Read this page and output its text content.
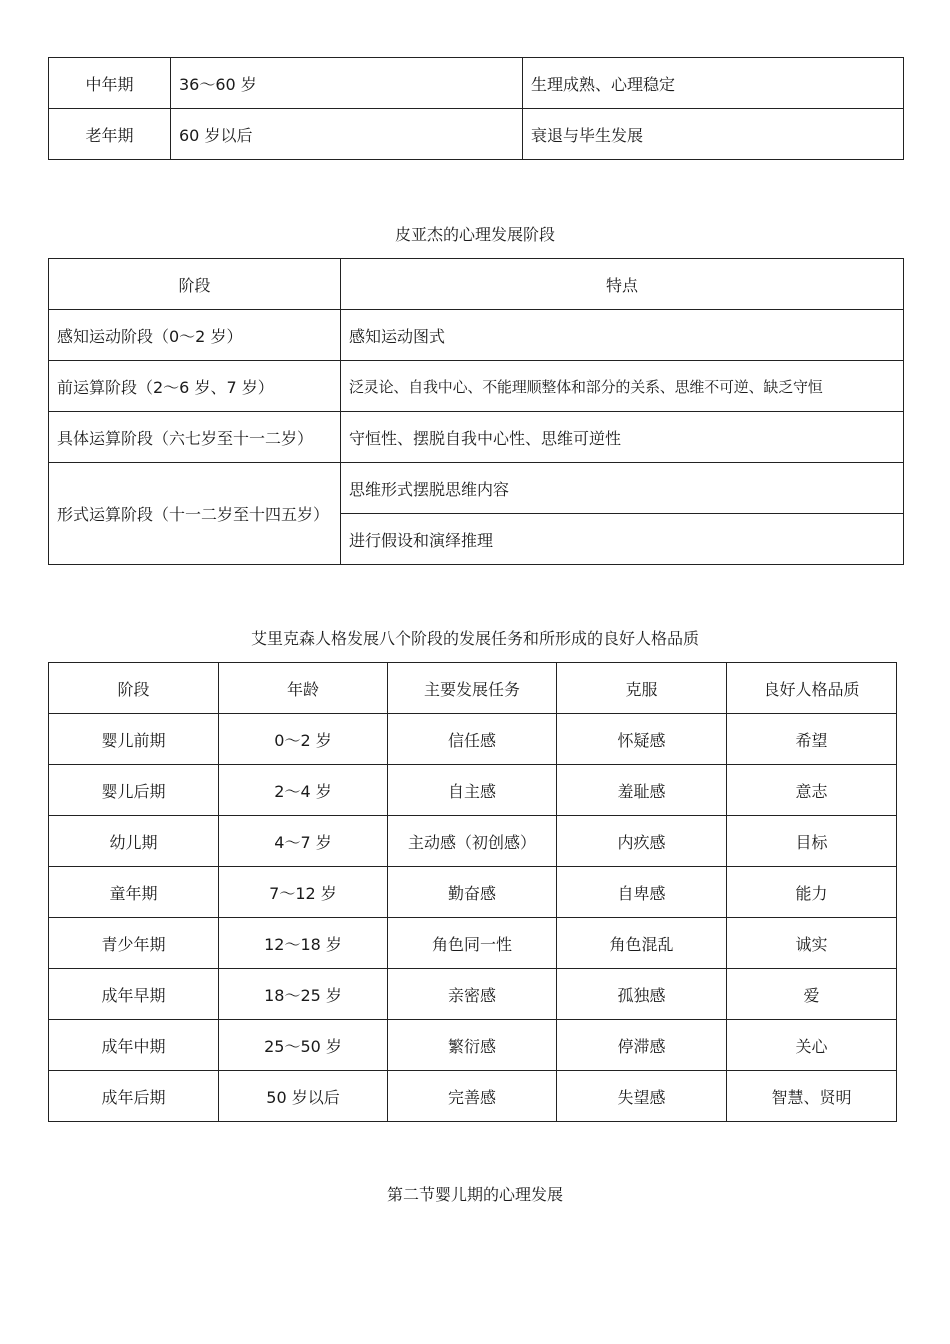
中年期	36～60 岁	生理成熟、心理稳定
老年期	60 岁以后	衰退与毕生发展
皮亚杰的心理发展阶段
阶段	特点
感知运动阶段（0～2 岁）	感知运动图式
前运算阶段（2～6 岁、7 岁）	泛灵论、自我中心、不能理顺整体和部分的关系、思维不可逆、缺乏守恒
具体运算阶段（六七岁至十一二岁）	守恒性、摆脱自我中心性、思维可逆性
形式运算阶段（十一二岁至十四五岁）	思维形式摆脱思维内容
	进行假设和演绎推理
艾里克森人格发展八个阶段的发展任务和所形成的良好人格品质
阶段	年龄	主要发展任务	克服	良好人格品质
婴儿前期	0～2 岁	信任感	怀疑感	希望
婴儿后期	2～4 岁	自主感	羞耻感	意志
幼儿期	4～7 岁	主动感（初创感）	内疚感	目标
童年期	7～12 岁	勤奋感	自卑感	能力
青少年期	12～18 岁	角色同一性	角色混乱	诚实
成年早期	18～25 岁	亲密感	孤独感	爱
成年中期	25～50 岁	繁衍感	停滞感	关心
成年后期	50 岁以后	完善感	失望感	智慧、贤明
第二节婴儿期的心理发展
